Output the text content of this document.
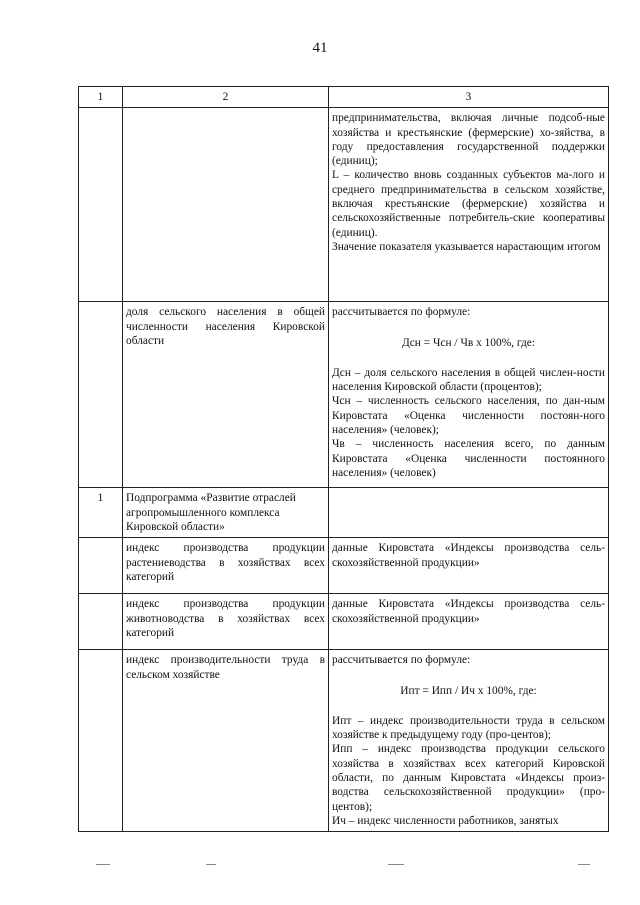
41
1	2	3

		предпринимательства, включая личные подсоб-ные хозяйства и крестьянские (фермерские) хо-зяйства, в году предоставления государственной поддержки (единиц);

L – количество вновь созданных субъектов ма-лого и среднего предпринимательства в сельском хозяйстве, включая крестьянские (фермерские) хозяйства и сельскохозяйственные потребитель-ские кооперативы (единиц).

Значение показателя указывается нарастающим итогом

	доля сельского населения в общей численности населения Кировской области	рассчитывается по формуле:

Дсн = Чсн / Чв x 100%, где:

Дсн – доля сельского населения в общей числен-ности населения Кировской области (процентов);

Чсн – численность сельского населения, по дан-ным Кировстата «Оценка численности постоян-ного населения» (человек);

Чв – численность населения всего, по данным Кировстата «Оценка численности постоянного населения» (человек)

1	Подпрограмма «Развитие отраслей агропромышленного комплекса Кировской области»	
	индекс производства продукции растениеводства в хозяйствах всех категорий	данные Кировстата «Индексы производства сель-скохозяйственной продукции»
	индекс производства продукции животноводства в хозяйствах всех категорий	данные Кировстата «Индексы производства сель-скохозяйственной продукции»
	индекс производительности труда в сельском хозяйстве	рассчитывается по формуле:

Ипт = Ипп / Ич x 100%, где:

Ипт – индекс производительности труда в сельском хозяйстве к предыдущему году (про-центов);

Ипп – индекс производства продукции сельского хозяйства в хозяйствах всех категорий Кировской области, по данным Кировстата «Индексы произ-водства сельскохозяйственной продукции» (про-центов);

Ич – индекс численности работников, занятых
